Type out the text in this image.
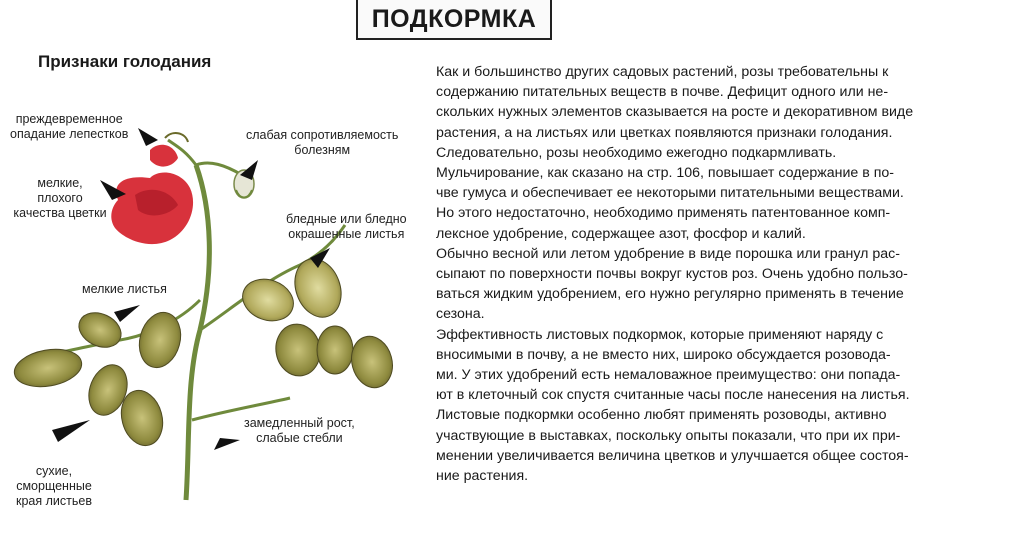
ПОДКОРМКА
Признаки голодания
преждевременное
опадание лепестков
мелкие,
плохого
качества цветки
слабая сопротивляемость
болезням
бледные или бледно
окрашенные листья
мелкие листья
замедленный рост,
слабые стебли
сухие,
сморщенные
края листьев

Как и большинство других садовых растений, розы требовательны к

содержанию питательных веществ в почве. Дефицит одного или не-

скольких нужных элементов сказывается на росте и декоративном виде

растения, а на листьях или цветках появляются признаки голодания.

Следовательно, розы необходимо ежегодно подкармливать.

Мульчирование, как сказано на стр. 106, повышает содержание в по-

чве гумуса и обеспечивает ее некоторыми питательными веществами.

Но этого недостаточно, необходимо применять патентованное комп-

лексное удобрение, содержащее азот, фосфор и калий.

Обычно весной или летом удобрение в виде порошка или гранул рас-

сыпают по поверхности почвы вокруг кустов роз. Очень удобно пользо-

ваться жидким удобрением, его нужно регулярно применять в течение

сезона.

Эффективность листовых подкормок, которые применяют наряду с

вносимыми в почву, а не вместо них, широко обсуждается розовода-

ми. У этих удобрений есть немаловажное преимущество: они попада-

ют в клеточный сок спустя считанные часы после нанесения на листья.

Листовые подкормки особенно любят применять розоводы, активно

участвующие в выставках, поскольку опыты показали, что при их при-

менении увеличивается величина цветков и улучшается общее состоя-

ние растения.
